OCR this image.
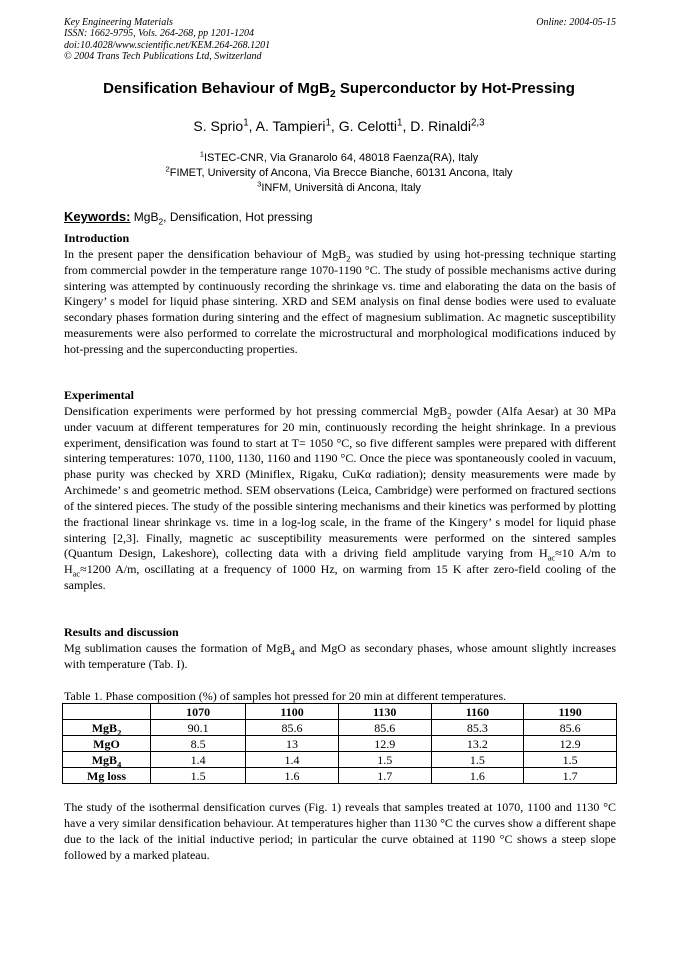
Key Engineering Materials
ISSN: 1662-9795, Vols. 264-268, pp 1201-1204
doi:10.4028/www.scientific.net/KEM.264-268.1201
© 2004 Trans Tech Publications Ltd, Switzerland
Online: 2004-05-15
Densification Behaviour of MgB$_2$ Superconductor by Hot-Pressing
S. Sprio$^1$, A. Tampieri$^1$, G. Celotti$^1$, D. Rinaldi$^{2,3}$
$^1$ISTEC-CNR, Via Granarolo 64, 48018 Faenza(RA), Italy
$^2$FIMET, University of Ancona, Via Brecce Bianche, 60131 Ancona, Italy
$^3$INFM, Università di Ancona, Italy
Keywords: MgB$_2$, Densification, Hot pressing
Introduction

In the present paper the densification behaviour of MgB$_2$ was studied by using hot-pressing technique starting from commercial powder in the temperature range 1070-1190 °C. The study of possible mechanisms active during sintering was attempted by continuously recording the shrinkage vs. time and elaborating the data on the basis of Kingery’ s model for liquid phase sintering. XRD and SEM analysis on final dense bodies were used to evaluate secondary phases formation during sintering and the effect of magnesium sublimation. Ac magnetic susceptibility measurements were also performed to correlate the microstructural and morphological modifications induced by hot-pressing and the superconducting properties.

Experimental

Densification experiments were performed by hot pressing commercial MgB$_2$ powder (Alfa Aesar) at 30 MPa under vacuum at different temperatures for 20 min, continuously recording the height shrinkage. In a previous experiment, densification was found to start at T= 1050 °C, so five different samples were prepared with different sintering temperatures: 1070, 1100, 1130, 1160 and 1190 °C. Once the piece was spontaneously cooled in vacuum, phase purity was checked by XRD (Miniflex, Rigaku, CuKα radiation); density measurements were made by Archimede’ s and geometric method. SEM observations (Leica, Cambridge) were performed on fractured sections of the sintered pieces. The study of the possible sintering mechanisms and their kinetics was performed by plotting the fractional linear shrinkage vs. time in a log-log scale, in the frame of the Kingery’ s model for liquid phase sintering [2,3]. Finally, magnetic ac susceptibility measurements were performed on the sintered samples (Quantum Design, Lakeshore), collecting data with a driving field amplitude varying from $H_{ac}\approx 10$ A/m to $H_{ac}\approx 1200$ A/m, oscillating at a frequency of 1000 Hz, on warming from 15 K after zero-field cooling of the samples.

Results and discussion

Mg sublimation causes the formation of MgB$_4$ and MgO as secondary phases, whose amount slightly increases with temperature (Tab. I).

Table 1. Phase composition (%) of samples hot pressed for 20 min at different temperatures.
	1070	1100	1130	1160	1190
MgB$_2$	90.1	85.6	85.6	85.3	85.6
MgO	8.5	13	12.9	13.2	12.9
MgB$_4$	1.4	1.4	1.5	1.5	1.5
Mg loss	1.5	1.6	1.7	1.6	1.7

The study of the isothermal densification curves (Fig. 1) reveals that samples treated at 1070, 1100 and 1130 °C have a very similar densification behaviour. At temperatures higher than 1130 °C the curves show a different shape due to the lack of the initial inductive period; in particular the curve obtained at 1190 °C shows a steep slope followed by a marked plateau.
